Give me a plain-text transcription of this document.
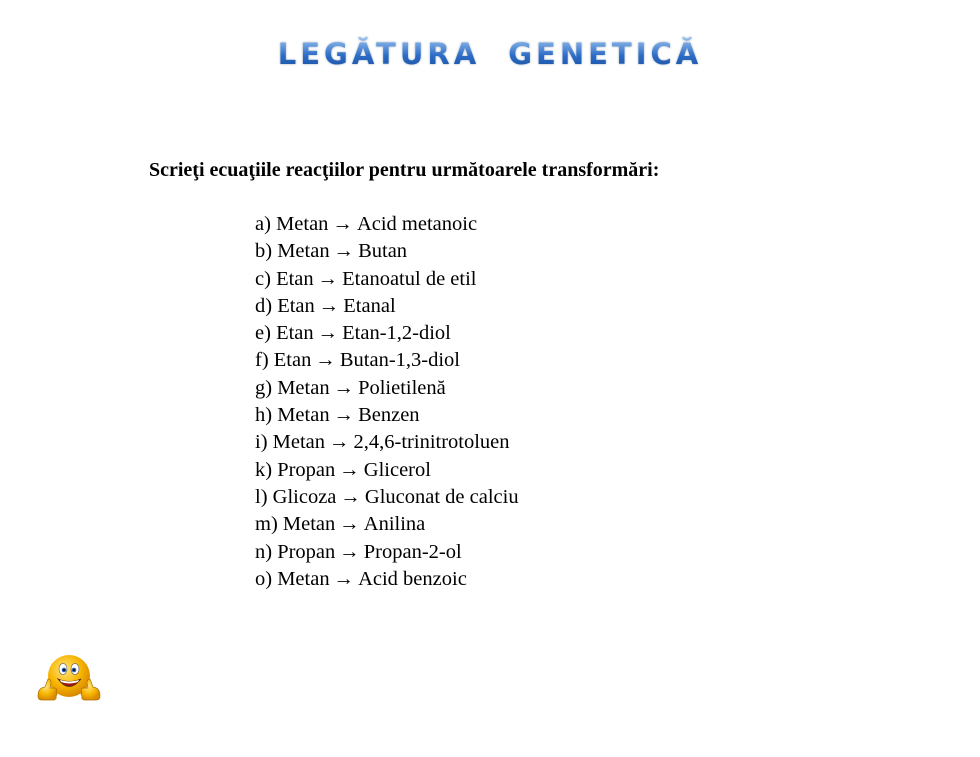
LEGĂTURA GENETICĂ
Scrieţi ecuaţiile reacţiilor pentru următoarele transformări:
a) Metan → Acid metanoic
b) Metan → Butan
c) Etan → Etanoatul de etil
d) Etan → Etanal
e) Etan → Etan-1,2-diol
f) Etan → Butan-1,3-diol
g) Metan → Polietilenă
h) Metan → Benzen
i) Metan → 2,4,6-trinitrotoluen
k) Propan → Glicerol
l) Glicoza → Gluconat de calciu
m) Metan → Anilina
n) Propan → Propan-2-ol
o) Metan → Acid benzoic
